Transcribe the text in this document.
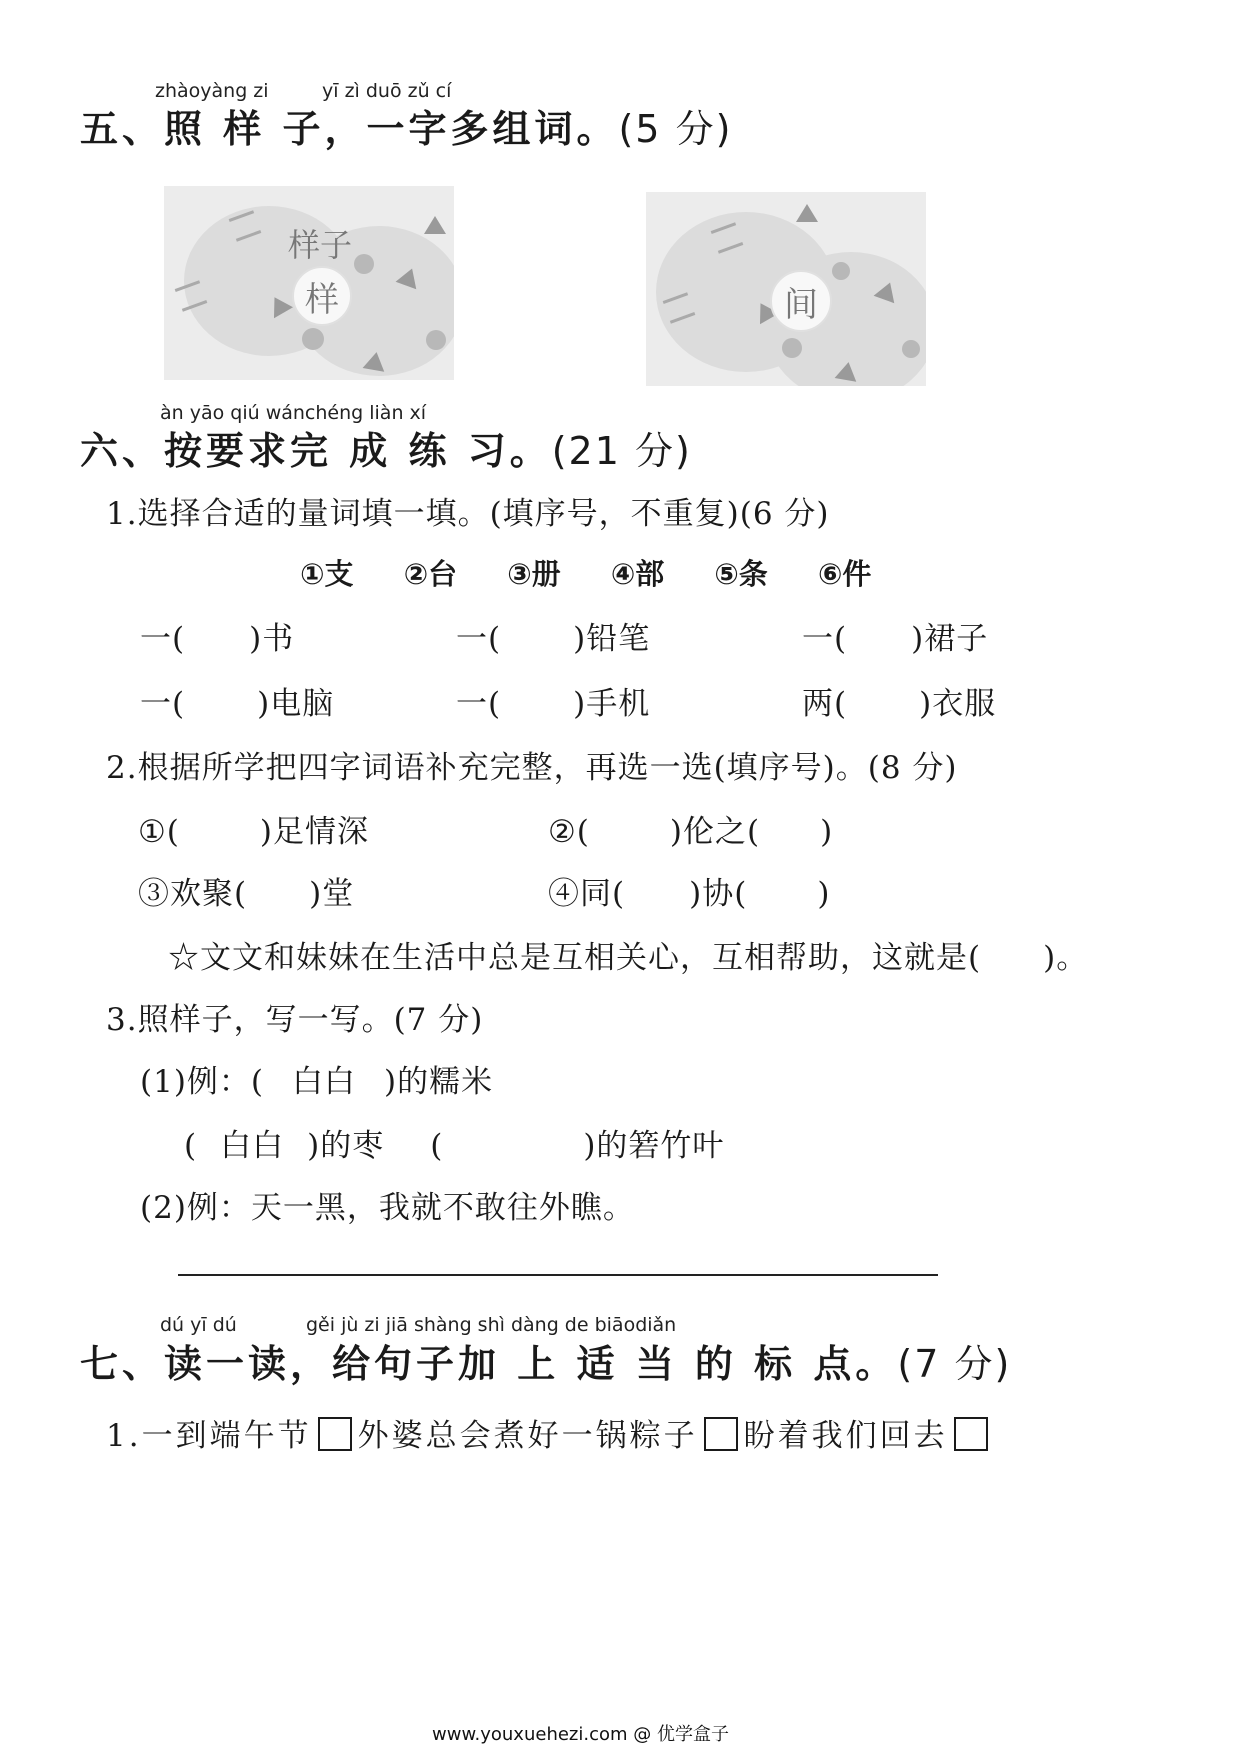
zhàoyàng zi	yī zì duō zǔ cí
五、照 样 子，一字多组词。(5 分)
样子
样	间
àn yāo qiú wánchéng liàn xí
六、按要求完 成 练 习。(21 分)
1.选择合适的量词填一填。(填序号，不重复)(6 分)
①支 ②台 ③册 ④部 ⑤条 ⑥件
一( )书	一( )铅笔	一( )裙子
一( )电脑	一( )手机	两( )衣服
2.根据所学把四字词语补充完整，再选一选(填序号)。(8 分)
①(	)足情深	②(	)伦之( )
③欢聚( )堂	④同( )协( )
☆文文和妹妹在生活中总是互相关心，互相帮助，这就是( )。
3.照样子，写一写。(7 分)
(1)例：( 白白 )的糯米
( 白白 )的枣 (	)的箬竹叶
(2)例：天一黑，我就不敢往外瞧。
dú yī dú	gěi jù zi jiā shàng shì dàng de biāodiǎn
七、读一读，给句子加 上 适 当 的 标 点。(7 分)
1.一到端午节 外婆总会煮好一锅粽子 盼着我们回去
www.youxuehezi.com @ 优学盒子
